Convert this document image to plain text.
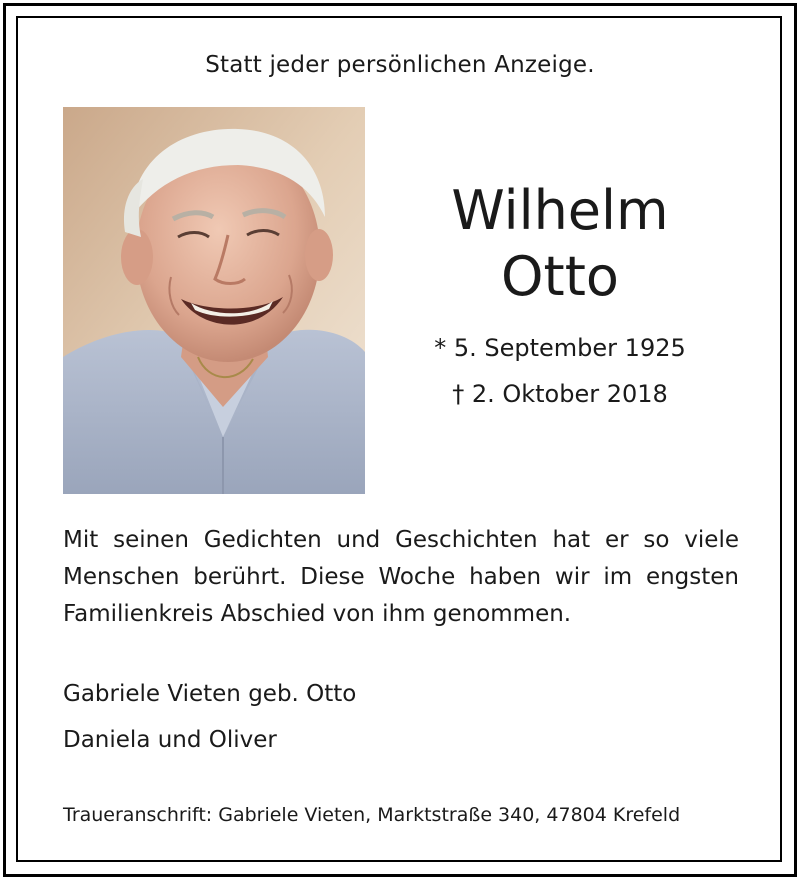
Statt jeder persönlichen Anzeige.
Wilhelm
Otto
* 5. September 1925
† 2. Oktober 2018
Mit seinen Gedichten und Geschichten hat er so viele Menschen berührt. Diese Woche haben wir im engsten Familienkreis Abschied von ihm genommen.
Gabriele Vieten geb. Otto
Daniela und Oliver
Traueranschrift: Gabriele Vieten, Marktstraße 340, 47804 Krefeld
